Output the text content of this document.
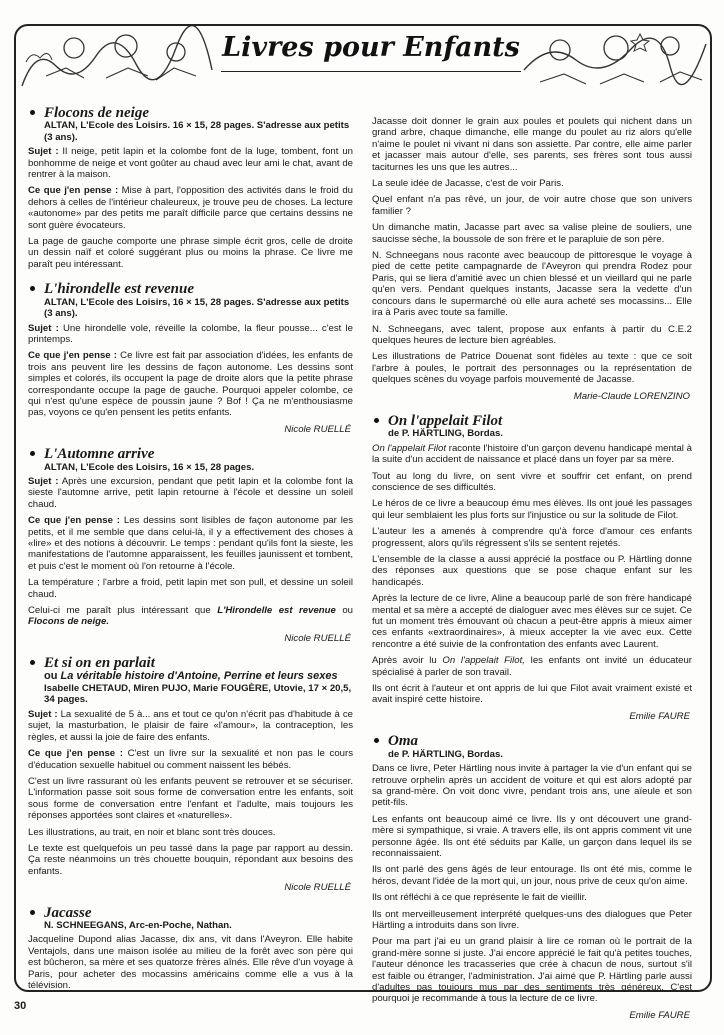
Livres pour Enfants
Flocons de neige
ALTAN, L'Ecole des Loisirs. 16 × 15, 28 pages. S'adresse aux petits (3 ans).

Sujet : Il neige, petit lapin et la colombe font de la luge, tombent, font un bonhomme de neige et vont goûter au chaud avec leur ami le chat, avant de rentrer à la maison.

Ce que j'en pense : Mise à part, l'opposition des activités dans le froid du dehors à celles de l'intérieur chaleureux, je trouve peu de choses. La lecture «autonome» par des petits me paraît difficile parce que certains dessins ne sont guère évocateurs.

La page de gauche comporte une phrase simple écrit gros, celle de droite un dessin naïf et coloré suggérant plus ou moins la phrase. Ce livre me paraît peu intéressant.

L'hirondelle est revenue
ALTAN, L'Ecole des Loisirs, 16 × 15, 28 pages. S'adresse aux petits (3 ans).

Sujet : Une hirondelle vole, réveille la colombe, la fleur pousse... c'est le printemps.

Ce que j'en pense : Ce livre est fait par association d'idées, les enfants de trois ans peuvent lire les dessins de façon autonome. Les dessins sont simples et colorés, ils occupent la page de droite alors que la petite phrase correspondante occupe la page de gauche. Pourquoi appeler colombe, ce qui n'est qu'une espèce de poussin jaune ? Bof ! Ça ne m'enthousiasme pas, voyons ce qu'en pensent les petits enfants.

Nicole RUELLÉ
L'Automne arrive
ALTAN, L'Ecole des Loisirs, 16 × 15, 28 pages.

Sujet : Après une excursion, pendant que petit lapin et la colombe font la sieste l'automne arrive, petit lapin retourne à l'école et dessine un soleil chaud.

Ce que j'en pense : Les dessins sont lisibles de façon autonome par les petits, et il me semble que dans celui-là, il y a effectivement des choses à «lire» et des notions à découvrir. Le temps : pendant qu'ils font la sieste, les manifestations de l'automne apparaissent, les feuilles jaunissent et tombent, et puis c'est le moment où l'on retourne à l'école.

La température ; l'arbre a froid, petit lapin met son pull, et dessine un soleil chaud.

Celui-ci me paraît plus intéressant que L'Hirondelle est revenue ou Flocons de neige.

Nicole RUELLÉ
Et si on en parlait
ou La véritable histoire d'Antoine, Perrine et leurs sexes
Isabelle CHETAUD, Miren PUJO, Marie FOUGÈRE, Utovie, 17 × 20,5, 34 pages.

Sujet : La sexualité de 5 à... ans et tout ce qu'on n'écrit pas d'habitude à ce sujet, la masturbation, le plaisir de faire «l'amour», la contraception, les règles, et aussi la joie de faire des enfants.

Ce que j'en pense : C'est un livre sur la sexualité et non pas le cours d'éducation sexuelle habituel ou comment naissent les bébés.

C'est un livre rassurant où les enfants peuvent se retrouver et se sécuriser. L'information passe soit sous forme de conversation entre les enfants, soit sous forme de conversation entre l'enfant et l'adulte, mais toujours les réponses apportées sont claires et «naturelles».

Les illustrations, au trait, en noir et blanc sont très douces.

Le texte est quelquefois un peu tassé dans la page par rapport au dessin. Ça reste néanmoins un très chouette bouquin, répondant aux besoins des enfants.

Nicole RUELLÉ
Jacasse
N. SCHNEEGANS, Arc-en-Poche, Nathan.

Jacqueline Dupond alias Jacasse, dix ans, vit dans l'Aveyron. Elle habite Ventajols, dans une maison isolée au milieu de la forêt avec son père qui est bûcheron, sa mère et ses quatorze frères aînés. Elle rêve d'un voyage à Paris, pour acheter des mocassins américains comme elle a vus à la télévision.

Jacasse doit donner le grain aux poules et poulets qui nichent dans un grand arbre, chaque dimanche, elle mange du poulet au riz alors qu'elle n'aime le poulet ni vivant ni dans son assiette. Par contre, elle aime parler et jacasser mais autour d'elle, ses parents, ses frères sont tous aussi taciturnes les uns que les autres...

La seule idée de Jacasse, c'est de voir Paris.

Quel enfant n'a pas rêvé, un jour, de voir autre chose que son univers familier ?

Un dimanche matin, Jacasse part avec sa valise pleine de souliers, une saucisse sèche, la boussole de son frère et le parapluie de son père.

N. Schneegans nous raconte avec beaucoup de pittoresque le voyage à pied de cette petite campagnarde de l'Aveyron qui prendra Rodez pour Paris, qui se liera d'amitié avec un chien blessé et un vieillard qui ne parle qu'en vers. Pendant quelques instants, Jacasse sera la vedette d'un concours dans le supermarché où elle aura acheté ses mocassins... Elle ira à Paris avec toute sa famille.

N. Schneegans, avec talent, propose aux enfants à partir du C.E.2 quelques heures de lecture bien agréables.

Les illustrations de Patrice Douenat sont fidèles au texte : que ce soit l'arbre à poules, le portrait des personnages ou la représentation de quelques scènes du voyage parfois mouvementé de Jacasse.

Marie-Claude LORENZINO
On l'appelait Filot
de P. HÄRTLING, Bordas.

On l'appelait Filot raconte l'histoire d'un garçon devenu handicapé mental à la suite d'un accident de naissance et placé dans un foyer par sa mère.

Tout au long du livre, on sent vivre et souffrir cet enfant, on prend conscience de ses difficultés.

Le héros de ce livre a beaucoup ému mes élèves. Ils ont joué les passages qui leur semblaient les plus forts sur l'injustice ou sur la solitude de Filot.

L'auteur les a amenés à comprendre qu'à force d'amour ces enfants progressent, alors qu'ils régressent s'ils se sentent rejetés.

L'ensemble de la classe a aussi apprécié la postface ou P. Härtling donne des réponses aux questions que se pose chaque enfant sur les handicapés.

Après la lecture de ce livre, Aline a beaucoup parlé de son frère handicapé mental et sa mère a accepté de dialoguer avec mes élèves sur ce sujet. Ce fut un moment très émouvant où chacun a peut-être appris à mieux aimer ces enfants «extraordinaires», à mieux accepter la vie avec eux. Cette rencontre a été suivie de la confrontation des enfants avec Laurent.

Après avoir lu On l'appelait Filot, les enfants ont invité un éducateur spécialisé à parler de son travail.

Ils ont écrit à l'auteur et ont appris de lui que Filot avait vraiment existé et avait inspiré cette histoire.

Emilie FAURE
Oma
de P. HÄRTLING, Bordas.

Dans ce livre, Peter Härtling nous invite à partager la vie d'un enfant qui se retrouve orphelin après un accident de voiture et qui est alors adopté par sa grand-mère. On voit donc vivre, pendant trois ans, une aïeule et son petit-fils.

Les enfants ont beaucoup aimé ce livre. Ils y ont découvert une grand-mère si sympathique, si vraie. A travers elle, ils ont appris comment vit une personne âgée. Ils ont été séduits par Kalle, un garçon dans lequel ils se reconnaissaient.

Ils ont parlé des gens âgés de leur entourage. Ils ont été mis, comme le héros, devant l'idée de la mort qui, un jour, nous prive de ceux qu'on aime.

Ils ont réfléchi à ce que représente le fait de vieillir.

Ils ont merveilleusement interprété quelques-uns des dialogues que Peter Härtling a introduits dans son livre.

Pour ma part j'ai eu un grand plaisir à lire ce roman où le portrait de la grand-mère sonne si juste. J'ai encore apprécié le fait qu'à petites touches, l'auteur dénonce les tracasseries que crée à chacun de nous, surtout s'il est faible ou étranger, l'administration. J'ai aimé que P. Härtling parle aussi d'adultes pas toujours mus par des sentiments très généreux. C'est pourquoi je recommande à tous la lecture de ce livre.

Emilie FAURE
30
